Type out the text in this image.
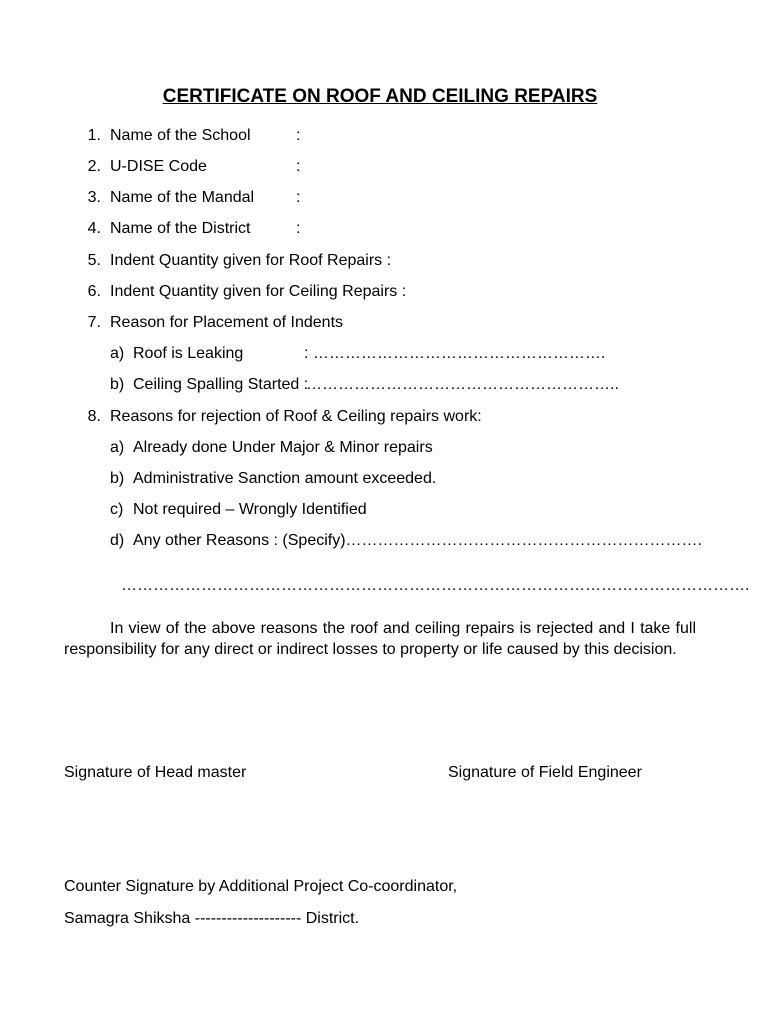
CERTIFICATE ON ROOF AND CEILING REPAIRS
1. Name of the School	:
2. U-DISE Code	:
3. Name of the Mandal	:
4. Name of the District	:
5. Indent Quantity given for Roof Repairs :
6. Indent Quantity given for Ceiling Repairs :
7. Reason for Placement of Indents
a) Roof is Leaking	: ……………………………………………….
b) Ceiling Spalling Started :
…………………………………………………..
8. Reasons for rejection of Roof & Ceiling repairs work:
a) Already done Under Major & Minor repairs
b) Administrative Sanction amount exceeded.
c) Not required – Wrongly Identified
d) Any other Reasons : (Specify)………………………………………………………….
……………………………………………………………………………………………………….
In view of the above reasons the roof and ceiling repairs is rejected and I take full responsibility for any direct or indirect losses to property or life caused by this decision.
Signature of Head master	Signature of Field Engineer
Counter Signature by Additional Project Co-coordinator,
Samagra Shiksha -------------------- District.
